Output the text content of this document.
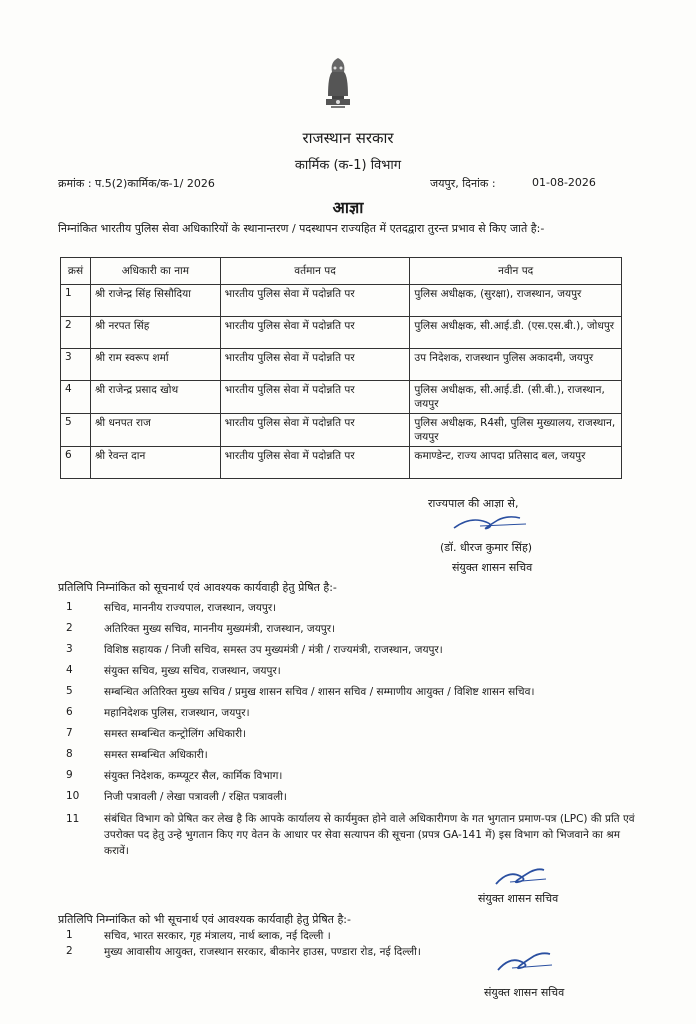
राजस्थान सरकार
कार्मिक (क-1) विभाग
क्रमांक : प.5(2)कार्मिक/क-1/ 2026	जयपुर, दिनांक :	01-08-2026
आज्ञा
निम्नांकित भारतीय पुलिस सेवा अधिकारियों के स्थानान्तरण / पदस्थापन राज्यहित में एतदद्वारा तुरन्त प्रभाव से किए जाते है:-
क्रसं	अधिकारी का नाम	वर्तमान पद	नवीन पद
1	श्री राजेन्द्र सिंह सिसौदिया	भारतीय पुलिस सेवा में पदोन्नति पर	पुलिस अधीक्षक, (सुरक्षा), राजस्थान, जयपुर
2	श्री नरपत सिंह	भारतीय पुलिस सेवा में पदोन्नति पर	पुलिस अधीक्षक, सी.आई.डी. (एस.एस.बी.), जोधपुर
3	श्री राम स्वरूप शर्मा	भारतीय पुलिस सेवा में पदोन्नति पर	उप निदेशक, राजस्थान पुलिस अकादमी, जयपुर
4	श्री राजेन्द्र प्रसाद खोथ	भारतीय पुलिस सेवा में पदोन्नति पर	पुलिस अधीक्षक, सी.आई.डी. (सी.बी.), राजस्थान, जयपुर
5	श्री धनपत राज	भारतीय पुलिस सेवा में पदोन्नति पर	पुलिस अधीक्षक, R4सी, पुलिस मुख्यालय, राजस्थान, जयपुर
6	श्री रेवन्त दान	भारतीय पुलिस सेवा में पदोन्नति पर	कमाण्डेन्ट, राज्य आपदा प्रतिसाद बल, जयपुर
राज्यपाल की आज्ञा से,
(डॉ. धीरज कुमार सिंह)
संयुक्त शासन सचिव
प्रतिलिपि निम्नांकित को सूचनार्थ एवं आवश्यक कार्यवाही हेतु प्रेषित है:-
1	सचिव, माननीय राज्यपाल, राजस्थान, जयपुर।
2	अतिरिक्त मुख्य सचिव, माननीय मुख्यमंत्री, राजस्थान, जयपुर।
3	विशिष्ठ सहायक / निजी सचिव, समस्त उप मुख्यमंत्री / मंत्री / राज्यमंत्री, राजस्थान, जयपुर।
4	संयुक्त सचिव, मुख्य सचिव, राजस्थान, जयपुर।
5	सम्बन्धित अतिरिक्त मुख्य सचिव / प्रमुख शासन सचिव / शासन सचिव / सम्माणीय आयुक्त / विशिष्ट शासन सचिव।
6	महानिदेशक पुलिस, राजस्थान, जयपुर।
7	समस्त सम्बन्धित कन्ट्रोलिंग अधिकारी।
8	समस्त सम्बन्धित अधिकारी।
9	संयुक्त निदेशक, कम्प्यूटर सैल, कार्मिक विभाग।
10	निजी पत्रावली / लेखा पत्रावली / रक्षित पत्रावली।
11	संबंधित विभाग को प्रेषित कर लेख है कि आपके कार्यालय से कार्यमुक्त होने वाले अधिकारीगण के गत भुगतान प्रमाण-पत्र (LPC) की प्रति एवं उपरोक्त पद हेतु उन्हे भुगतान किए गए वेतन के आधार पर सेवा सत्यापन की सूचना (प्रपत्र GA-141 में) इस विभाग को भिजवाने का श्रम करावें।
संयुक्त शासन सचिव
प्रतिलिपि निम्नांकित को भी सूचनार्थ एवं आवश्यक कार्यवाही हेतु प्रेषित है:-
1	सचिव, भारत सरकार, गृह मंत्रालय, नार्थ ब्लाक, नई दिल्ली ।
2	मुख्य आवासीय आयुक्त, राजस्थान सरकार, बीकानेर हाउस, पण्डारा रोड, नई दिल्ली।
संयुक्त शासन सचिव
